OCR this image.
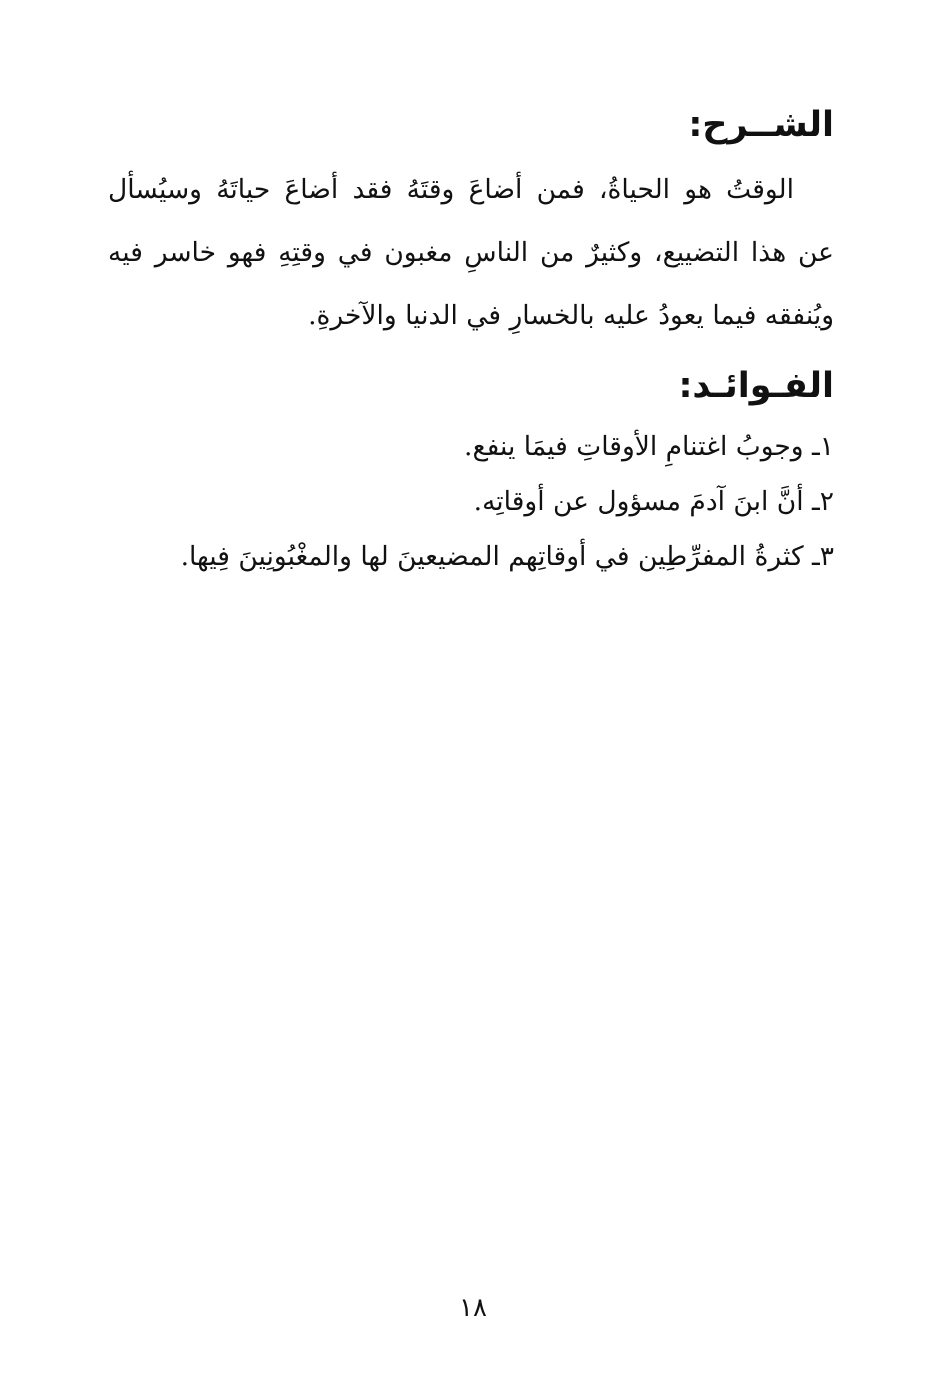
الشــرح:

الوقتُ هو الحياةُ، فمن أضاعَ وقتَهُ فقد أضاعَ حياتَهُ وسيُسأل
عن هذا التضييع، وكثيرٌ من الناسِ مغبون في وقتِهِ فهو خاسر فيه
ويُنفقه فيما يعودُ عليه بالخسارِ في الدنيا والآخرةِ.

الفـوائـد:
١ـ وجوبُ اغتنامِ الأوقاتِ فيمَا ينفع.
٢ـ أنَّ ابنَ آدمَ مسؤول عن أوقاتِه.
٣ـ كثرةُ المفرِّطِين في أوقاتِهم المضيعينَ لها والمغْبُونِينَ فِيها.
١٨
